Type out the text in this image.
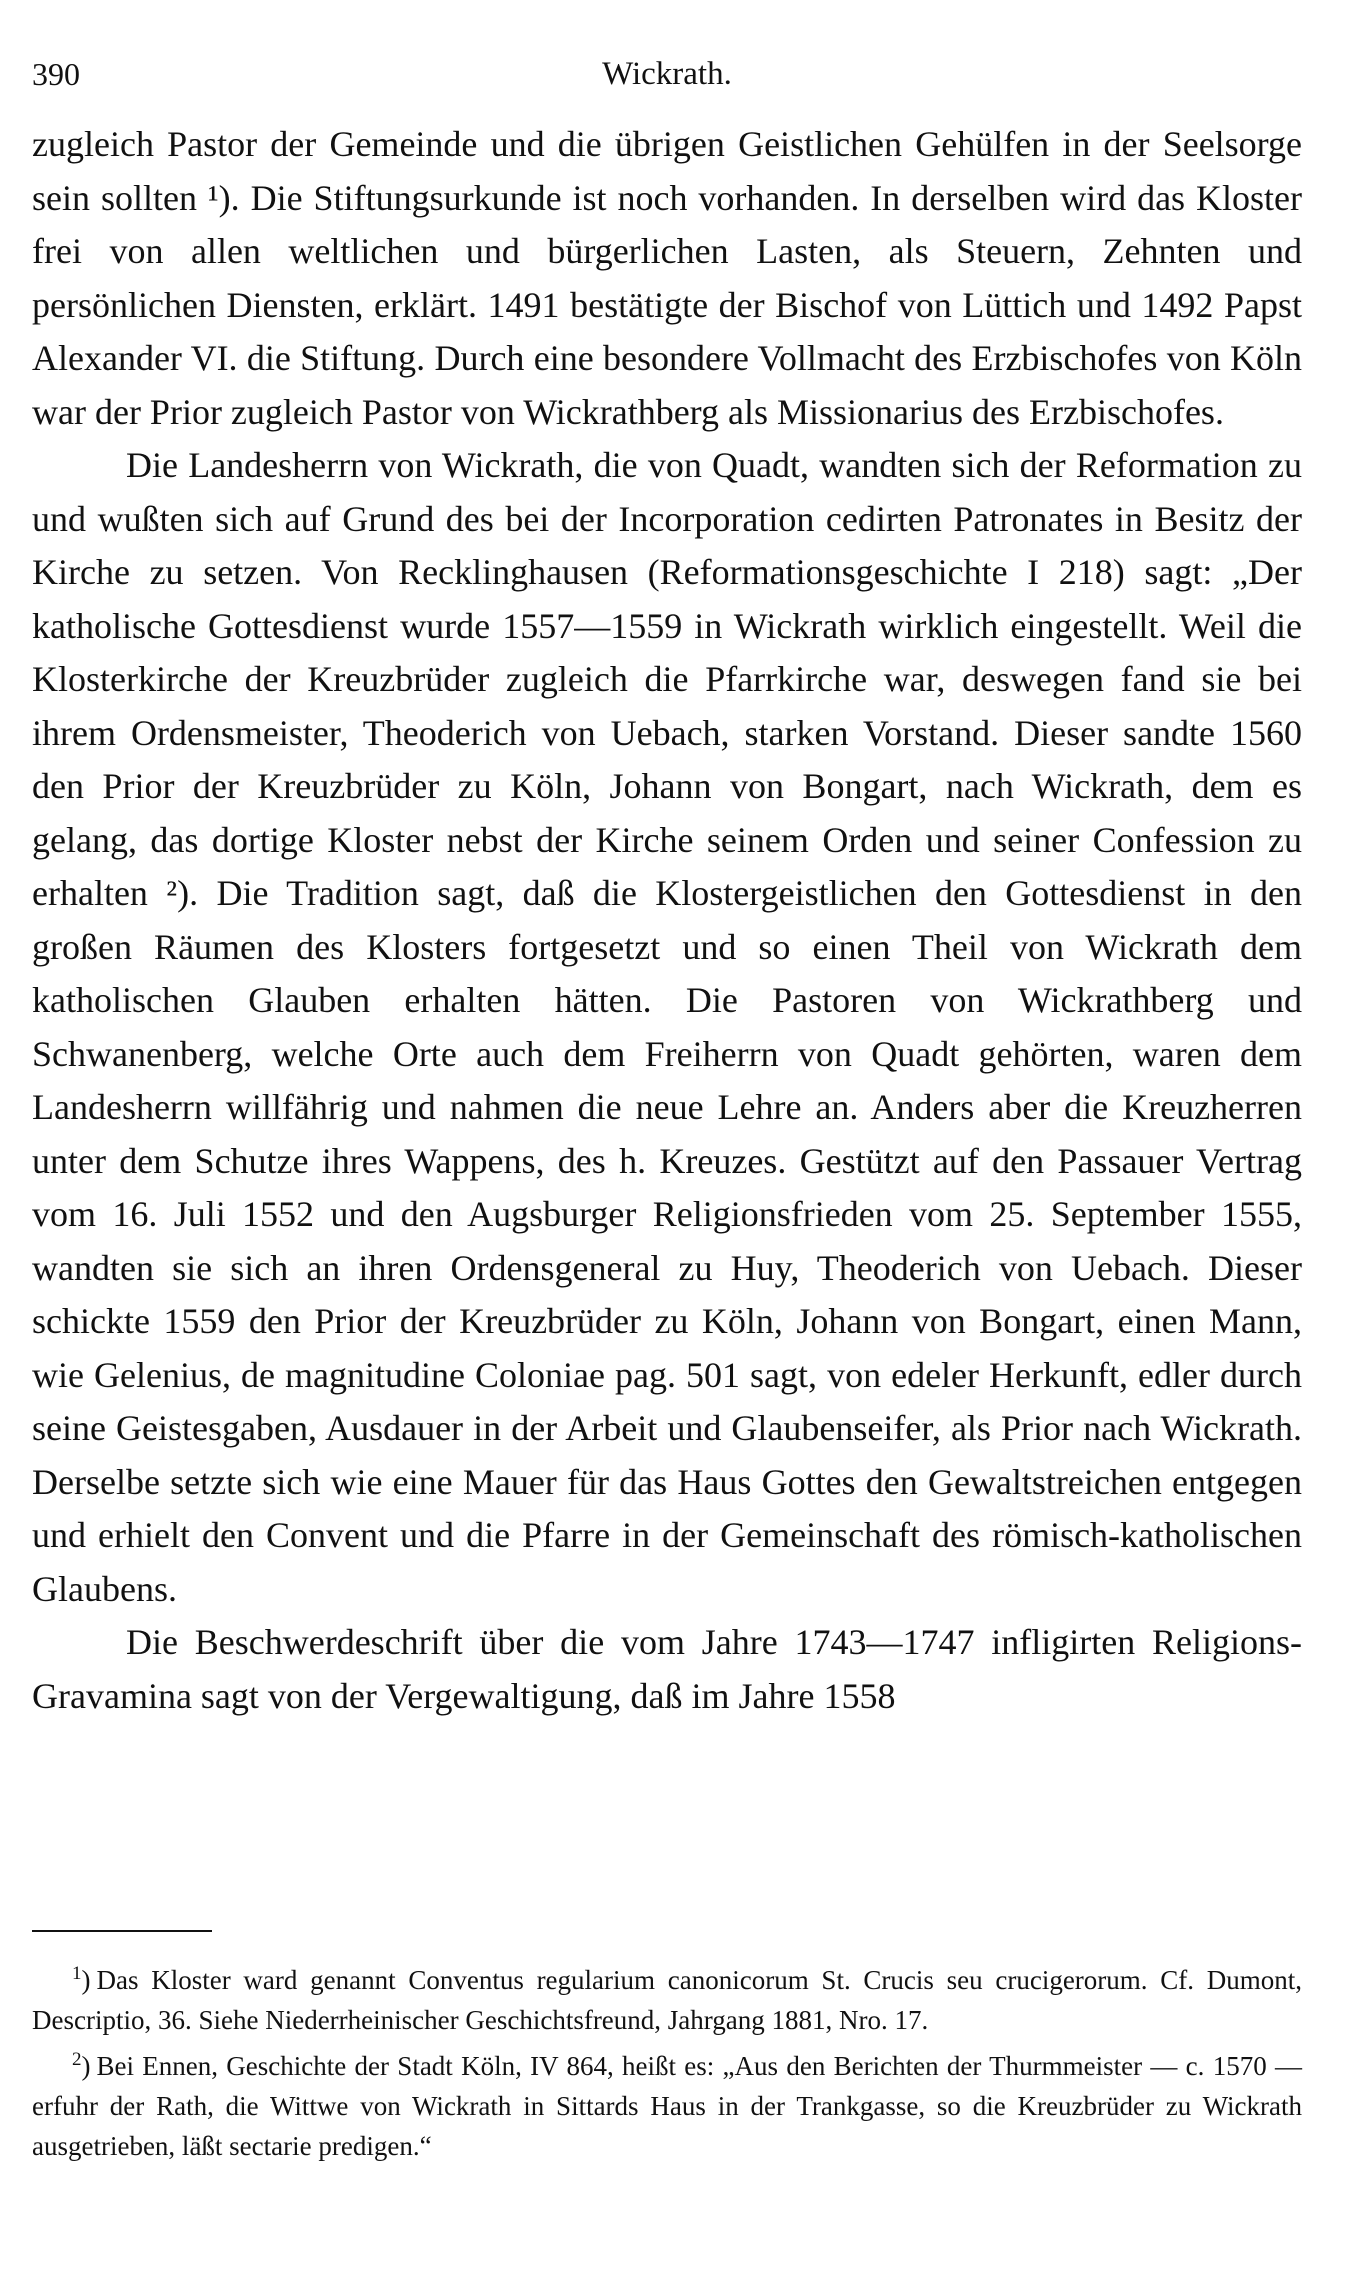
390	Wickrath.

zugleich Pastor der Gemeinde und die übrigen Geistlichen Gehülfen in der Seelsorge sein sollten ¹). Die Stiftungsurkunde ist noch vorhanden. In derselben wird das Kloster frei von allen weltlichen und bürgerlichen Lasten, als Steuern, Zehnten und persönlichen Diensten, erklärt. 1491 bestätigte der Bischof von Lüttich und 1492 Papst Alexander VI. die Stiftung. Durch eine besondere Vollmacht des Erzbischofes von Köln war der Prior zugleich Pastor von Wickrathberg als Missionarius des Erzbischofes.

Die Landesherrn von Wickrath, die von Quadt, wandten sich der Reformation zu und wußten sich auf Grund des bei der Incorporation cedirten Patronates in Besitz der Kirche zu setzen. Von Recklinghausen (Reformationsgeschichte I 218) sagt: „Der katholische Gottesdienst wurde 1557—1559 in Wickrath wirklich eingestellt. Weil die Klosterkirche der Kreuzbrüder zugleich die Pfarrkirche war, deswegen fand sie bei ihrem Ordensmeister, Theoderich von Uebach, starken Vorstand. Dieser sandte 1560 den Prior der Kreuzbrüder zu Köln, Johann von Bongart, nach Wickrath, dem es gelang, das dortige Kloster nebst der Kirche seinem Orden und seiner Confession zu erhalten ²). Die Tradition sagt, daß die Klostergeistlichen den Gottesdienst in den großen Räumen des Klosters fortgesetzt und so einen Theil von Wickrath dem katholischen Glauben erhalten hätten. Die Pastoren von Wickrathberg und Schwanenberg, welche Orte auch dem Freiherrn von Quadt gehörten, waren dem Landesherrn willfährig und nahmen die neue Lehre an. Anders aber die Kreuzherren unter dem Schutze ihres Wappens, des h. Kreuzes. Gestützt auf den Passauer Vertrag vom 16. Juli 1552 und den Augsburger Religionsfrieden vom 25. September 1555, wandten sie sich an ihren Ordensgeneral zu Huy, Theoderich von Uebach. Dieser schickte 1559 den Prior der Kreuzbrüder zu Köln, Johann von Bongart, einen Mann, wie Gelenius, de magnitudine Coloniae pag. 501 sagt, von edeler Herkunft, edler durch seine Geistesgaben, Ausdauer in der Arbeit und Glaubenseifer, als Prior nach Wickrath. Derselbe setzte sich wie eine Mauer für das Haus Gottes den Gewaltstreichen entgegen und erhielt den Convent und die Pfarre in der Gemeinschaft des römisch-katholischen Glaubens.

Die Beschwerdeschrift über die vom Jahre 1743—1747 infligirten Religions-Gravamina sagt von der Vergewaltigung, daß im Jahre 1558

$^1$) Das Kloster ward genannt Conventus regularium canonicorum St. Crucis seu crucigerorum. Cf. Dumont, Descriptio, 36. Siehe Niederrheinischer Geschichtsfreund, Jahrgang 1881, Nro. 17.

$^2$) Bei Ennen, Geschichte der Stadt Köln, IV 864, heißt es: „Aus den Berichten der Thurmmeister — c. 1570 — erfuhr der Rath, die Wittwe von Wickrath in Sittards Haus in der Trankgasse, so die Kreuzbrüder zu Wickrath ausgetrieben, läßt sectarie predigen.“
